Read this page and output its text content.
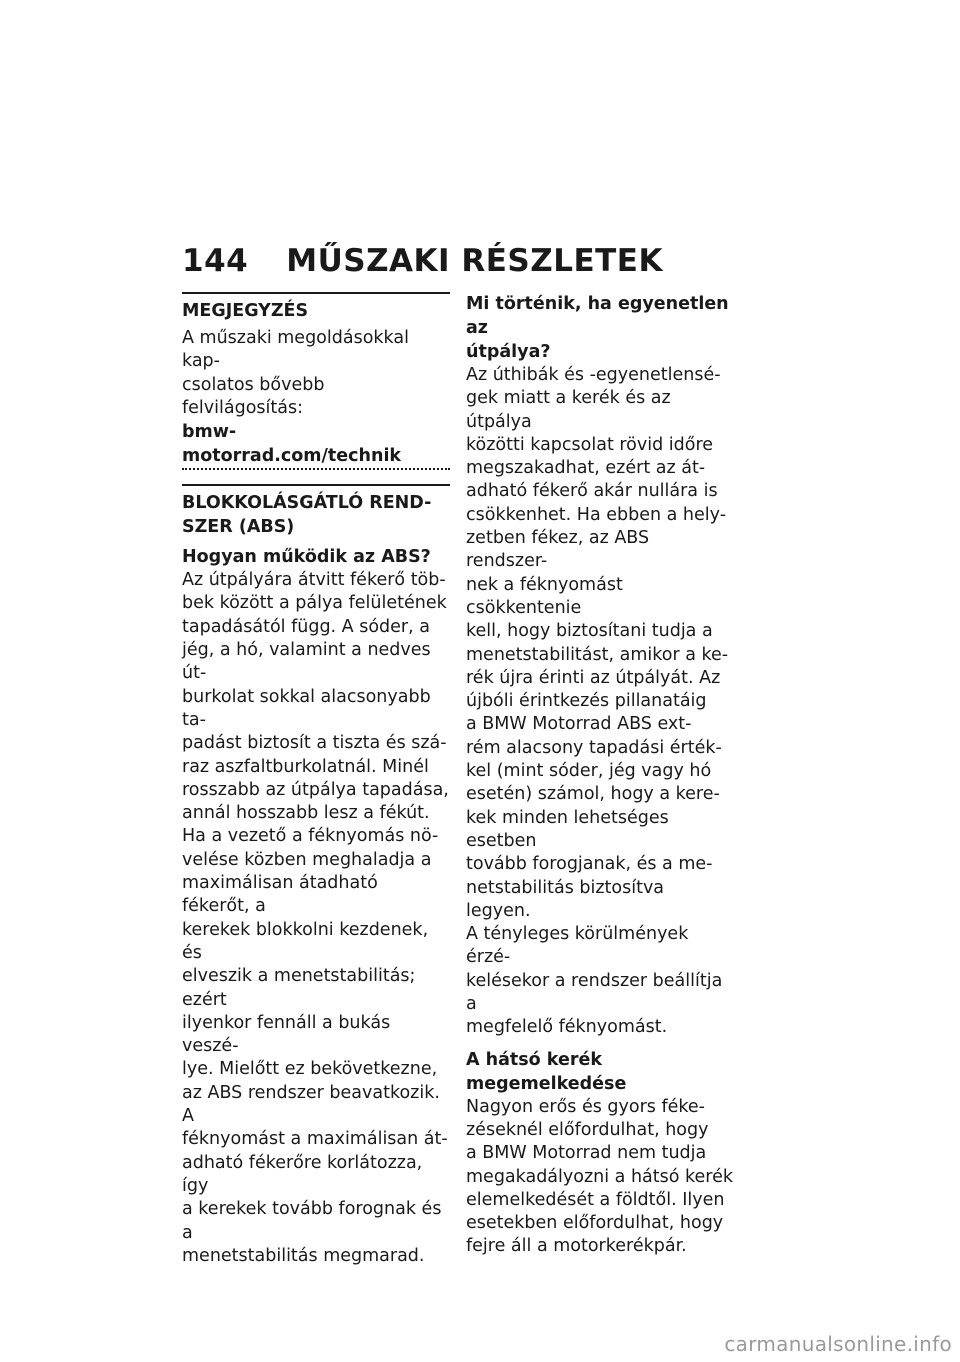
144 MŰSZAKI RÉSZLETEK
MEGJEGYZÉS

A műszaki megoldásokkal kap-
csolatos bővebb felvilágosítás:

bmw-motorrad.com/technik
BLOKKOLÁSGÁTLÓ REND-
SZER (ABS)
Hogyan működik az ABS?

Az útpályára átvitt fékerő töb-
bek között a pálya felületének
tapadásától függ. A sóder, a
jég, a hó, valamint a nedves út-
burkolat sokkal alacsonyabb ta-
padást biztosít a tiszta és szá-
raz aszfaltburkolatnál. Minél
rosszabb az útpálya tapadása,
annál hosszabb lesz a fékút.
Ha a vezető a féknyomás nö-
velése közben meghaladja a
maximálisan átadható fékerőt, a
kerekek blokkolni kezdenek, és
elveszik a menetstabilitás; ezért
ilyenkor fennáll a bukás veszé-
lye. Mielőtt ez bekövetkezne,
az ABS rendszer beavatkozik. A
féknyomást a maximálisan át-
adható fékerőre korlátozza, így
a kerekek tovább forognak és a
menetstabilitás megmarad.

Mi történik, ha egyenetlen az
útpálya?

Az úthibák és -egyenetlensé-
gek miatt a kerék és az útpálya
közötti kapcsolat rövid időre
megszakadhat, ezért az át-
adható fékerő akár nullára is
csökkenhet. Ha ebben a hely-
zetben fékez, az ABS rendszer-
nek a féknyomást csökkentenie
kell, hogy biztosítani tudja a
menetstabilitást, amikor a ke-
rék újra érinti az útpályát. Az
újbóli érintkezés pillanatáig
a BMW Motorrad ABS ext-
rém alacsony tapadási érték-
kel (mint sóder, jég vagy hó
esetén) számol, hogy a kere-
kek minden lehetséges esetben
tovább forogjanak, és a me-
netstabilitás biztosítva legyen.
A tényleges körülmények érzé-
kelésekor a rendszer beállítja a
megfelelő féknyomást.

A hátsó kerék
megemelkedése

Nagyon erős és gyors féke-
zéseknél előfordulhat, hogy
a BMW Motorrad nem tudja
megakadályozni a hátsó kerék
elemelkedését a földtől. Ilyen
esetekben előfordulhat, hogy
fejre áll a motorkerékpár.

carmanualsonline.info
